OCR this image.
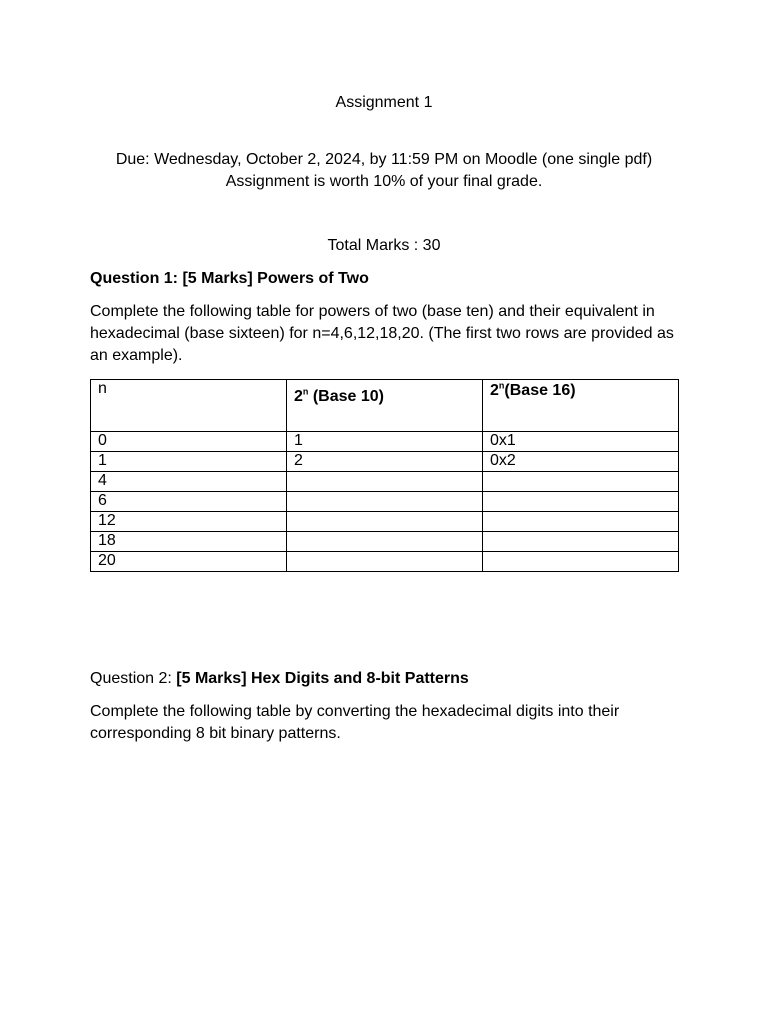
Assignment 1
Due: Wednesday, October 2, 2024, by 11:59 PM on Moodle (one single pdf)
Assignment is worth 10% of your final grade.
Total Marks : 30
Question 1: [5 Marks] Powers of Two
Complete the following table for powers of two (base ten) and their equivalent in hexadecimal (base sixteen) for n=4,6,12,18,20. (The first two rows are provided as an example).
n	2$^n$ (Base 10)	2$^n$(Base 16)
0	1	0x1
1	2	0x2
4		
6		
12		
18		
20		
Question 2: [5 Marks] Hex Digits and 8-bit Patterns
Complete the following table by converting the hexadecimal digits into their corresponding 8 bit binary patterns.
